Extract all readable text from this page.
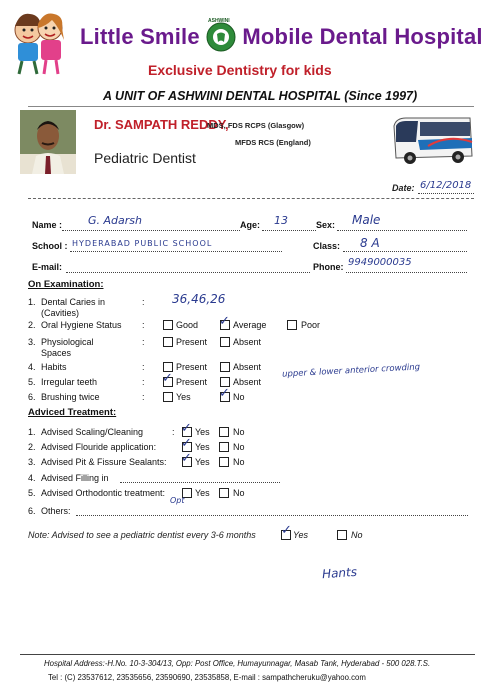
Little Smile Mobile Dental Hospital
ASHWINI
Exclusive Dentistry for kids
A UNIT OF ASHWINI DENTAL HOSPITAL (Since 1997)
Dr. SAMPATH REDDY,
MDS, FDS RCPS (Glasgow)
MFDS RCS (England)
Pediatric Dentist
Date: 6/12/2018
Name : G. Adarsh	Age: 13	Sex: Male
School : HYDERABAD PUBLIC SCHOOL	Class: 8 A
E-mail:	Phone: 9949000035
On Examination:
1. Dental Caries in
(Cavities)
: 36,46,26
2. Oral Hygiene Status :	Good ✓ Average	Poor
3. Physiological
Spaces
:	Present	Absent
4. Habits	:	Present	Absent
5. Irregular teeth	: ✓ Present	Absent
upper & lower anterior crowding
6. Brushing twice	:	Yes ✓ No
Adviced Treatment:
1. Advised Scaling/Cleaning	: ✓ Yes	No
2. Advised Flouride application: ✓ Yes	No
3. Advised Pit & Fissure Sealants: ✓ Yes	No
4. Advised Filling in
5. Advised Orthodontic treatment:	Yes	No
Opt
6. Others:
Note: Advised to see a pediatric dentist every 3-6 months ✓ Yes	No
Hants
Hospital Address:-H.No. 10-3-304/13, Opp: Post Office, Humayunnagar, Masab Tank, Hyderabad - 500 028.T.S.
Tel : (C) 23537612, 23535656, 23590690, 23535858, E-mail : sampathcheruku@yahoo.com
